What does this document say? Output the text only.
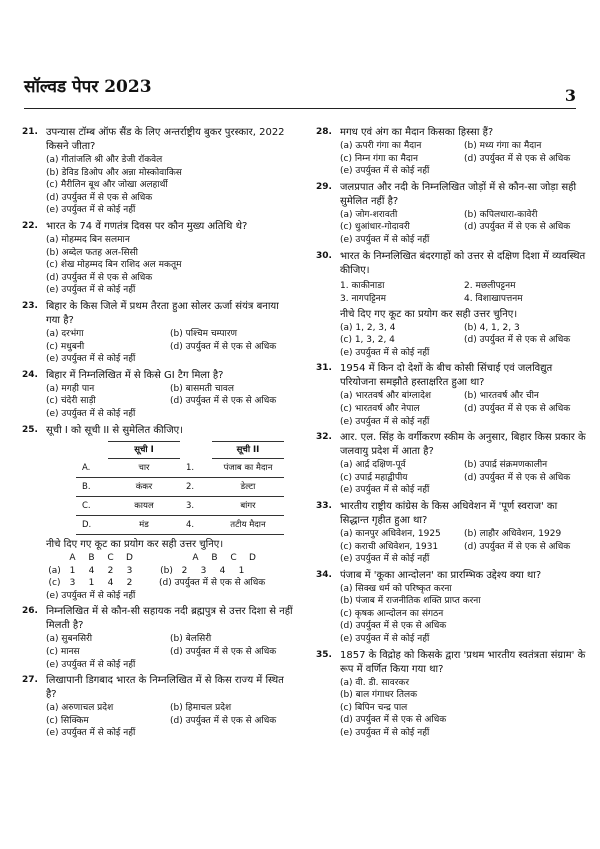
सॉल्वड पेपर 2023	3
21. उपन्यास टॉम्ब ऑफ सैंड के लिए अन्तर्राष्ट्रीय बुकर पुरस्कार, 2022 किसने जीता?
(a) गीतांजलि श्री और डेजी रॉकवेल
(b) डेविड डिओप और अन्ना मोस्कोवाकिस
(c) मैरीलिन बूथ और जोखा अलहार्थी
(d) उपर्युक्त में से एक से अधिक
(e) उपर्युक्त में से कोई नहीं
22. भारत के 74 वें गणतंत्र दिवस पर कौन मुख्य अतिथि थे?
(a) मोहम्मद बिन सलमान
(b) अब्देल फतह अल-सिसी
(c) शेख मोहम्मद बिन राशिद अल मकतूम
(d) उपर्युक्त में से एक से अधिक
(e) उपर्युक्त में से कोई नहीं
23. बिहार के किस जिले में प्रथम तैरता हुआ सोलर ऊर्जा संयंत्र बनाया गया है?
(a) दरभंगा	(b) पश्चिम चम्पारण
(c) मधुबनी	(d) उपर्युक्त में से एक से अधिक
(e) उपर्युक्त में से कोई नहीं
24. बिहार में निम्नलिखित में से किसे GI टैग मिला है?
(a) मगही पान	(b) बासमती चावल
(c) चंदेरी साड़ी	(d) उपर्युक्त में से एक से अधिक
(e) उपर्युक्त में से कोई नहीं
25. सूची I को सूची II से सुमेलित कीजिए।
	सूची I		सूची II
A.	चार	1.	पंजाब का मैदान
B.	कंकर	2.	डेल्टा
C.	कायल	3.	बांगर
D.	मंड	4.	तटीय मैदान
नीचे दिए गए कूट का प्रयोग कर सही उत्तर चुनिए।
A	B	C	D	A	B	C	D
(a) 1	4	2	3	(b) 2	3	4	1
(c)	3	1	4	2	(d) उपर्युक्त में से एक से अधिक
(e) उपर्युक्त में से कोई नहीं
26. निम्नलिखित में से कौन-सी सहायक नदी ब्रह्मपुत्र से उत्तर दिशा से नहीं मिलती है?
(a) सुबनसिरी	(b) बेलसिरी
(c) मानस	(d) उपर्युक्त में से एक से अधिक
(e) उपर्युक्त में से कोई नहीं
27. लिखापानी डिगबाद भारत के निम्नलिखित में से किस राज्य में स्थित है?
(a) अरुणाचल प्रदेश	(b) हिमाचल प्रदेश
(c) सिक्किम	(d) उपर्युक्त में से एक से अधिक
(e) उपर्युक्त में से कोई नहीं
28. मगध एवं अंग का मैदान किसका हिस्सा हैं?
(a) ऊपरी गंगा का मैदान	(b) मध्य गंगा का मैदान
(c) निम्न गंगा का मैदान	(d) उपर्युक्त में से एक से अधिक
(e) उपर्युक्त में से कोई नहीं
29. जलप्रपात और नदी के निम्नलिखित जोड़ों में से कौन-सा जोड़ा सही सुमेलित नहीं है?
(a) जोग-शरावती	(b) कपिलधारा-कावेरी
(c) धुआंधार-गोदावरी	(d) उपर्युक्त में से एक से अधिक
(e) उपर्युक्त में से कोई नहीं
30. भारत के निम्नलिखित बंदरगाहों को उत्तर से दक्षिण दिशा में व्यवस्थित कीजिए।
1. काकीनाडा	2. मछलीपट्टनम
3. नागपट्टिनम	4. विशाखापत्तनम
नीचे दिए गए कूट का प्रयोग कर सही उत्तर चुनिए।
(a) 1, 2, 3, 4	(b) 4, 1, 2, 3
(c) 1, 3, 2, 4	(d) उपर्युक्त में से एक से अधिक
(e) उपर्युक्त में से कोई नहीं
31. 1954 में किन दो देशों के बीच कोसी सिंचाई एवं जलविद्युत परियोजना समझौते हस्ताक्षरित हुआ था?
(a) भारतवर्ष और बांग्लादेश	(b) भारतवर्ष और चीन
(c) भारतवर्ष और नेपाल	(d) उपर्युक्त में से एक से अधिक
(e) उपर्युक्त में से कोई नहीं
32. आर. एल. सिंह के वर्गीकरण स्कीम के अनुसार, बिहार किस प्रकार के जलवायु प्रदेश में आता है?
(a) आर्द्र दक्षिण-पूर्व	(b) उपार्द्र संक्रमणकालीन
(c) उपार्द्र महाद्वीपीय	(d) उपर्युक्त में से एक से अधिक
(e) उपर्युक्त में से कोई नहीं
33. भारतीय राष्ट्रीय कांग्रेस के किस अधिवेशन में 'पूर्ण स्वराज' का सिद्धान्त गृहीत हुआ था?
(a) कानपुर अधिवेशन, 1925	(b) लाहौर अधिवेशन, 1929
(c) कराची अधिवेशन, 1931	(d) उपर्युक्त में से एक से अधिक
(e) उपर्युक्त में से कोई नहीं
34. पंजाब में 'कूका आन्दोलन' का प्रारम्भिक उद्देश्य क्या था?
(a) सिक्ख धर्म को परिष्कृत करना
(b) पंजाब में राजनीतिक शक्ति प्राप्त करना
(c) कृषक आन्दोलन का संगठन
(d) उपर्युक्त में से एक से अधिक
(e) उपर्युक्त में से कोई नहीं
35. 1857 के विद्रोह को किसके द्वारा 'प्रथम भारतीय स्वतंत्रता संग्राम' के रूप में वर्णित किया गया था?
(a) वी. डी. सावरकर
(b) बाल गंगाधर तिलक
(c) बिपिन चन्द्र पाल
(d) उपर्युक्त में से एक से अधिक
(e) उपर्युक्त में से कोई नहीं
